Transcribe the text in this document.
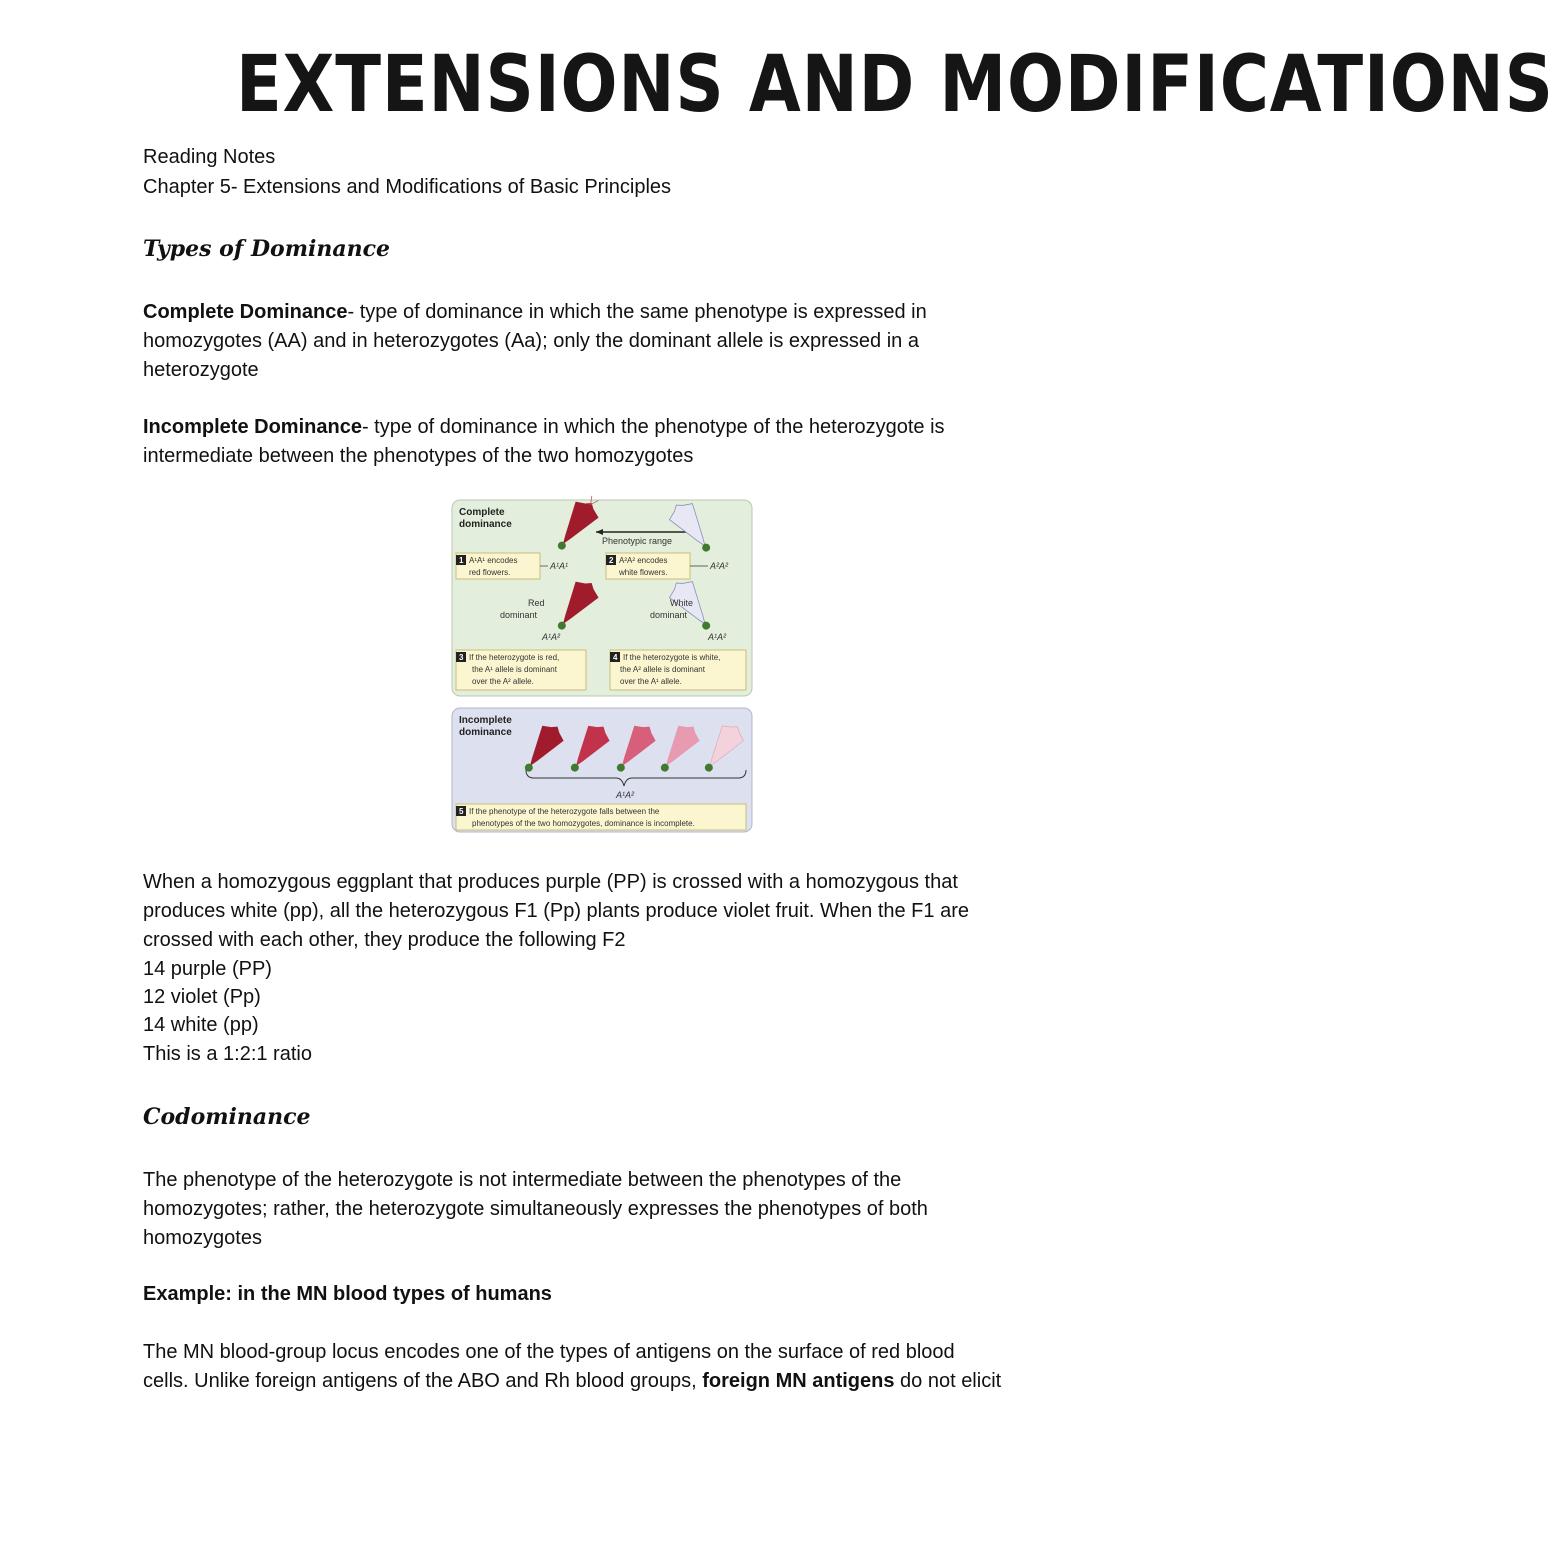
EXTENSIONS AND MODIFICATIONS
Reading Notes
Chapter 5- Extensions and Modifications of Basic Principles
Types of Dominance
Complete Dominance- type of dominance in which the same phenotype is expressed in
homozygotes (AA) and in heterozygotes (Aa); only the dominant allele is expressed in a
heterozygote
Incomplete Dominance- type of dominance in which the phenotype of the heterozygote is
intermediate between the phenotypes of the two homozygotes
Complete
dominance
Phenotypic range
1 A¹A¹ encodes
red flowers.
A¹A¹
2 A²A² encodes
white flowers.
A²A²
Red
dominant
White
dominant
A¹A²	A¹A²
3 If the heterozygote is red,
the A¹ allele is dominant
over the A² allele.
4 If the heterozygote is white,
the A² allele is dominant
over the A¹ allele.
Incomplete
dominance
A¹A²
5 If the phenotype of the heterozygote falls between the
phenotypes of the two homozygotes, dominance is incomplete.
When a homozygous eggplant that produces purple (PP) is crossed with a homozygous that
produces white (pp), all the heterozygous F1 (Pp) plants produce violet fruit. When the F1 are
crossed with each other, they produce the following F2
14 purple (PP)
12 violet (Pp)
14 white (pp)
This is a 1:2:1 ratio
Codominance
The phenotype of the heterozygote is not intermediate between the phenotypes of the
homozygotes; rather, the heterozygote simultaneously expresses the phenotypes of both
homozygotes
Example: in the MN blood types of humans
The MN blood-group locus encodes one of the types of antigens on the surface of red blood
cells. Unlike foreign antigens of the ABO and Rh blood groups, foreign MN antigens do not elicit
